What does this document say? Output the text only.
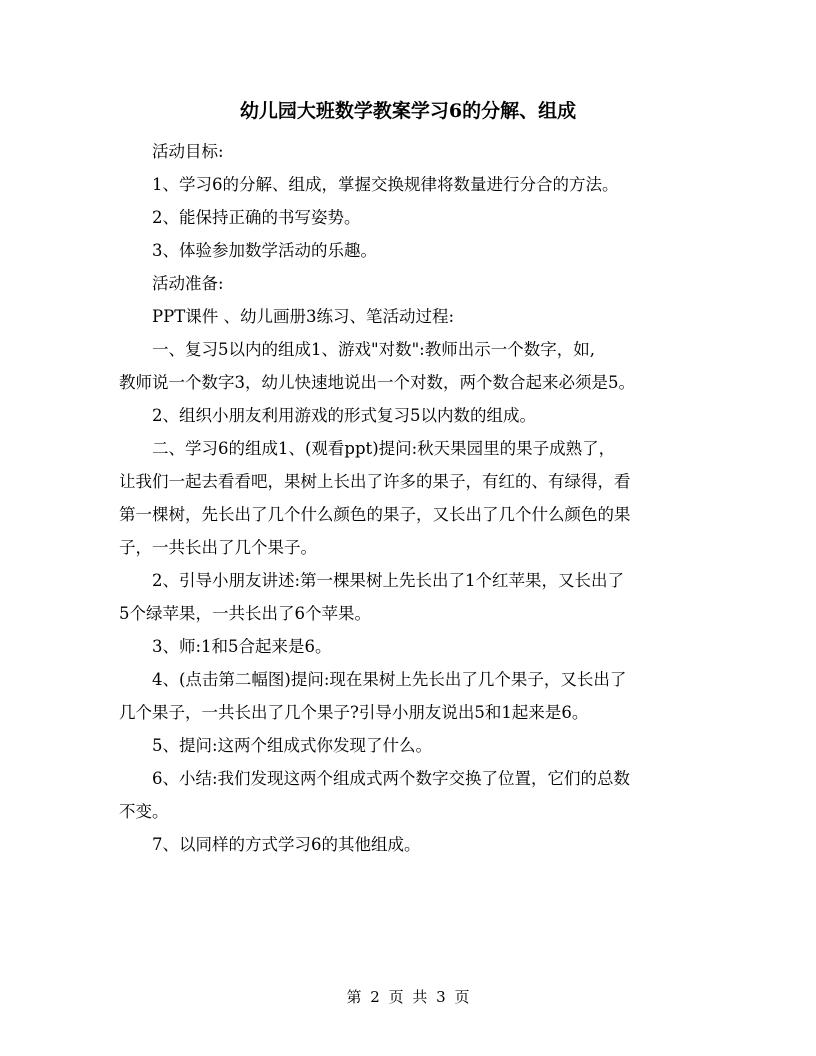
幼儿园大班数学教案学习6的分解、组成

活动目标:

1、学习6的分解、组成，掌握交换规律将数量进行分合的方法。

2、能保持正确的书写姿势。

3、体验参加数学活动的乐趣。

活动准备:

PPT课件 、幼儿画册3练习、笔活动过程:

一、复习5以内的组成1、游戏"对数":教师出示一个数字，如,
教师说一个数字3，幼儿快速地说出一个对数，两个数合起来必须是5。

2、组织小朋友利用游戏的形式复习5以内数的组成。

二、学习6的组成1、(观看ppt)提问:秋天果园里的果子成熟了，
让我们一起去看看吧，果树上长出了许多的果子，有红的、有绿得，看
第一棵树，先长出了几个什么颜色的果子，又长出了几个什么颜色的果
子，一共长出了几个果子。

2、引导小朋友讲述:第一棵果树上先长出了1个红苹果，又长出了
5个绿苹果，一共长出了6个苹果。

3、师:1和5合起来是6。

4、(点击第二幅图)提问:现在果树上先长出了几个果子，又长出了
几个果子，一共长出了几个果子?引导小朋友说出5和1起来是6。

5、提问:这两个组成式你发现了什么。

6、小结:我们发现这两个组成式两个数字交换了位置，它们的总数
不变。

7、以同样的方式学习6的其他组成。

第 2 页 共 3 页
